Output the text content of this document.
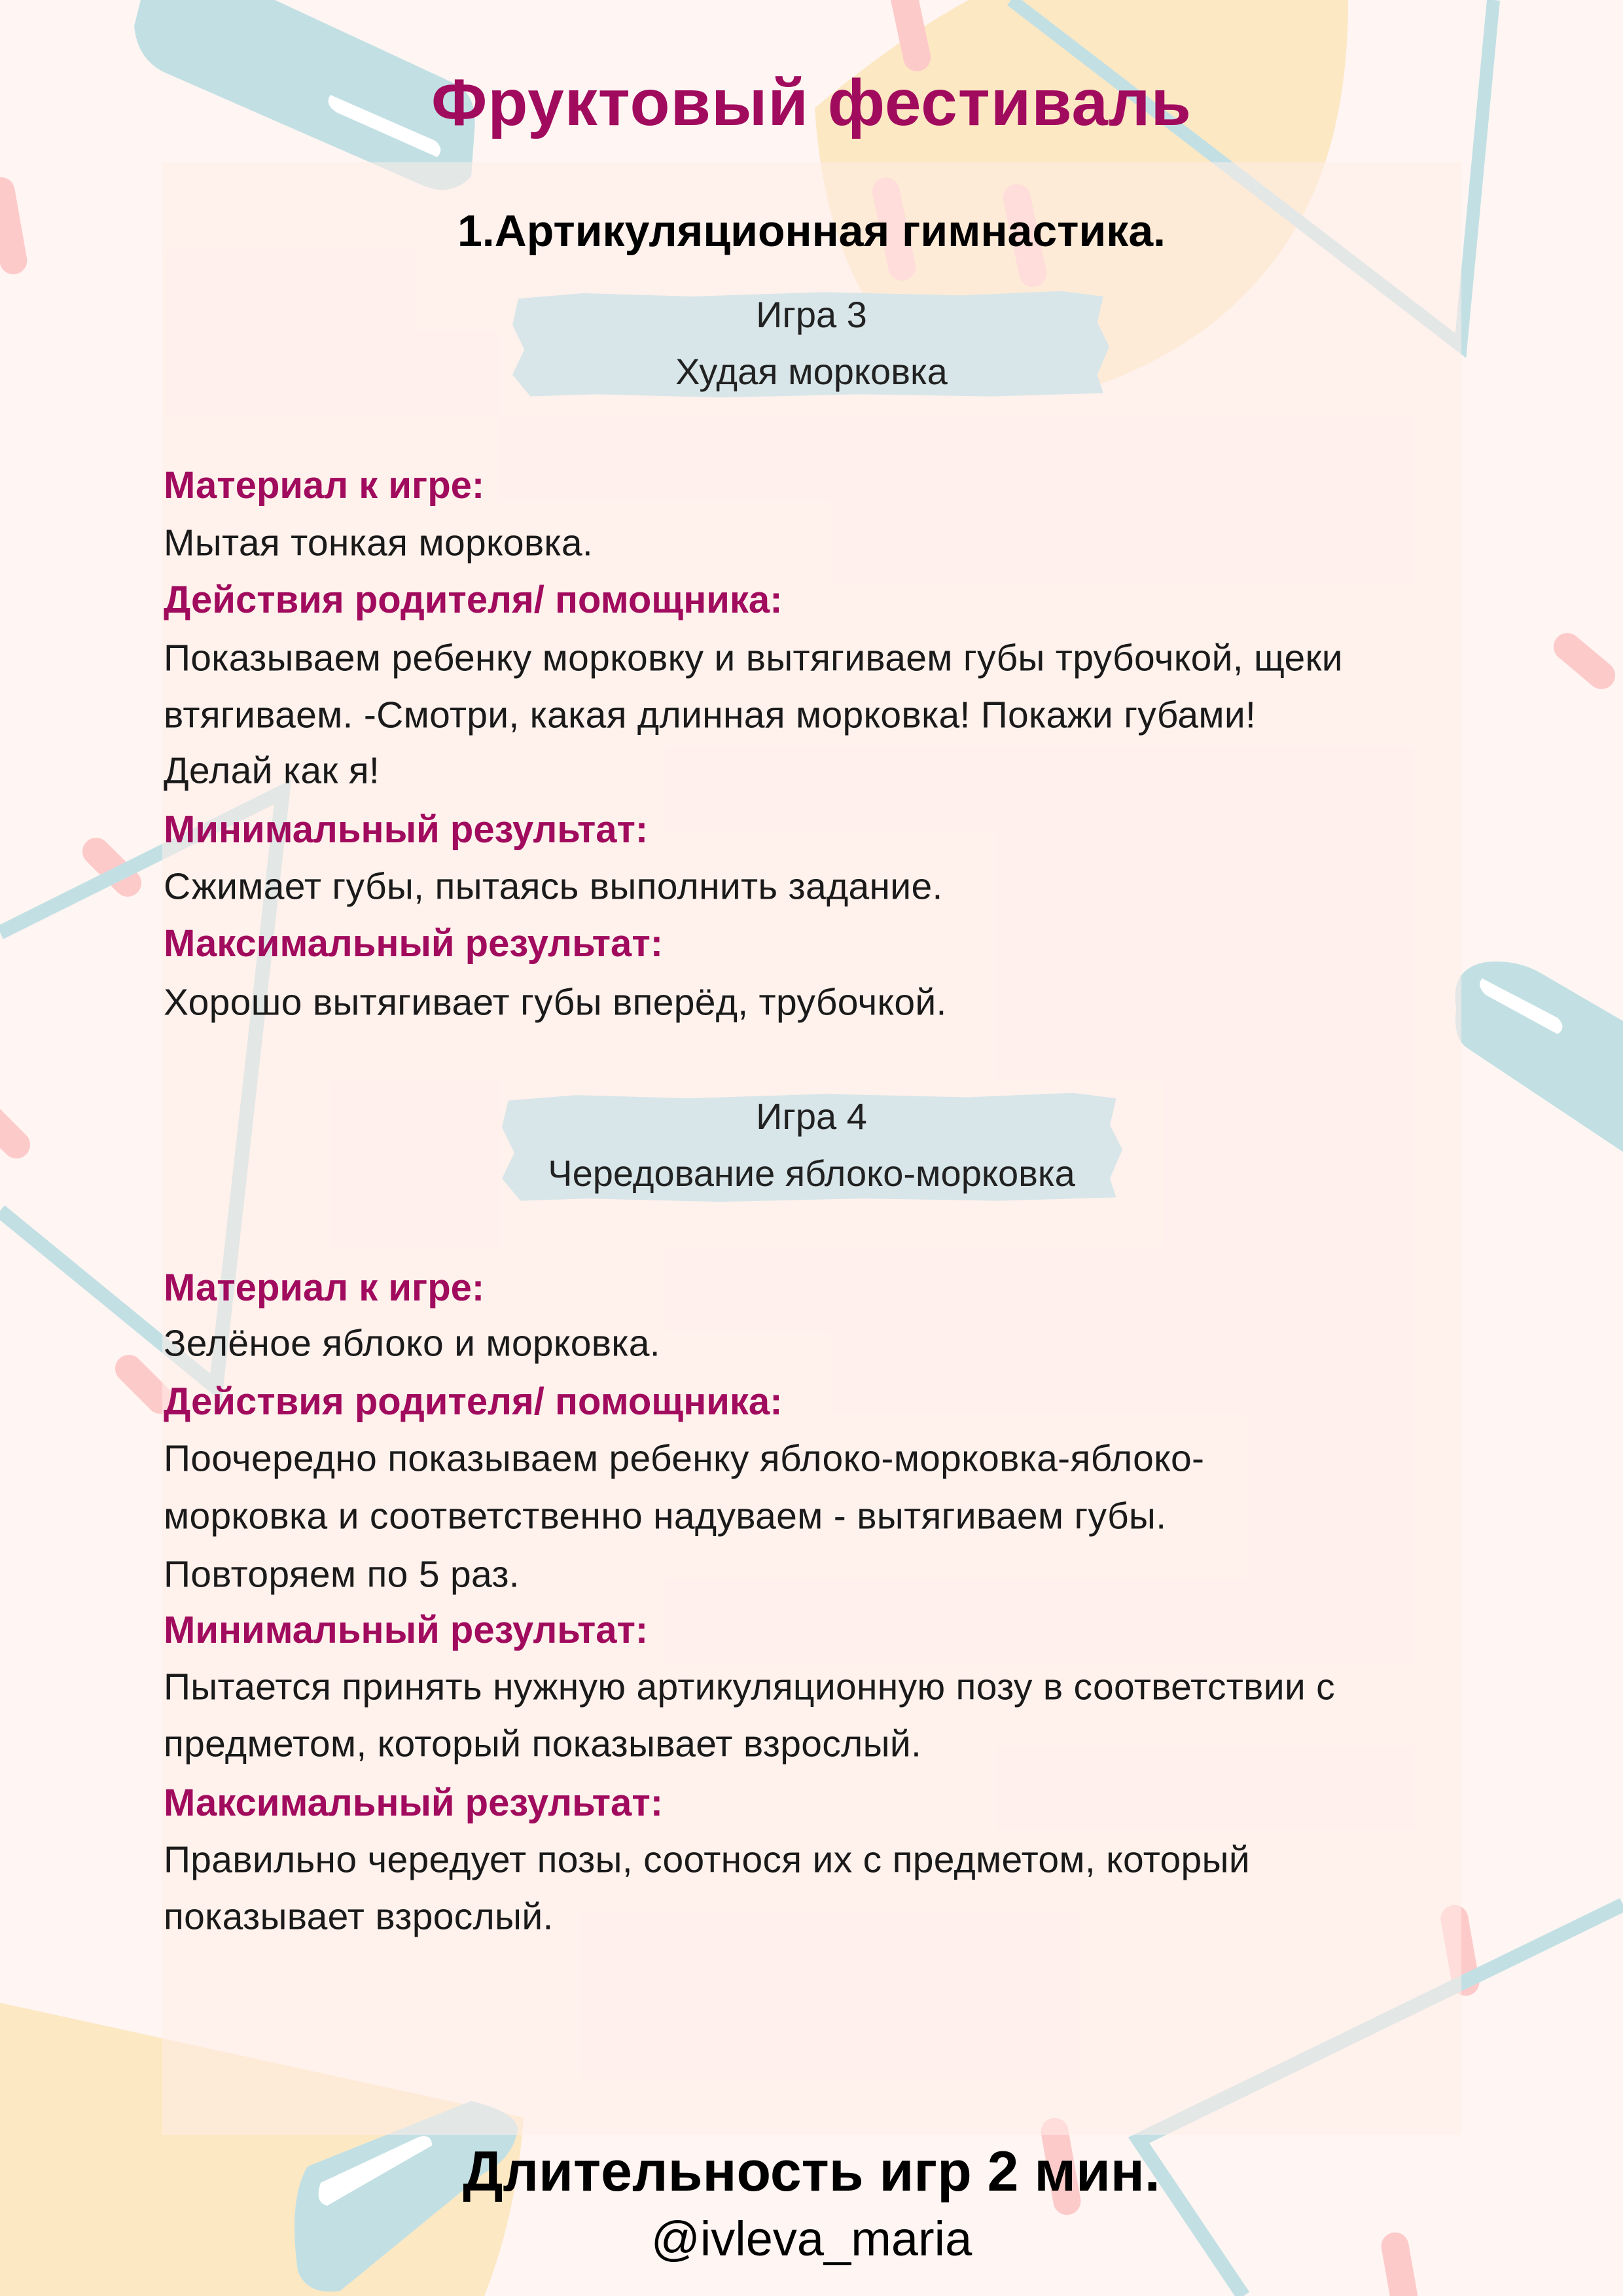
Фруктовый фестиваль
1.Артикуляционная гимнастика.
Игра 3
Худая морковка
Материал к игре:
Мытая тонкая морковка.
Действия родителя/ помощника:
Показываем ребенку морковку и вытягиваем губы трубочкой, щеки
втягиваем. -Смотри, какая длинная морковка! Покажи губами!
Делай как я!
Минимальный результат:
Сжимает губы, пытаясь выполнить задание.
Максимальный результат:
Хорошо вытягивает губы вперёд, трубочкой.
Игра 4
Чередование яблоко-морковка
Материал к игре:
Зелёное яблоко и морковка.
Действия родителя/ помощника:
Поочередно показываем ребенку яблоко-морковка-яблоко-
морковка и соответственно надуваем - вытягиваем губы.
Повторяем по 5 раз.
Минимальный результат:
Пытается принять нужную артикуляционную позу в соответствии с
предметом, который показывает взрослый.
Максимальный результат:
Правильно чередует позы, соотнося их с предметом, который
показывает взрослый.
Длительность игр 2 мин.
@ivleva_maria
